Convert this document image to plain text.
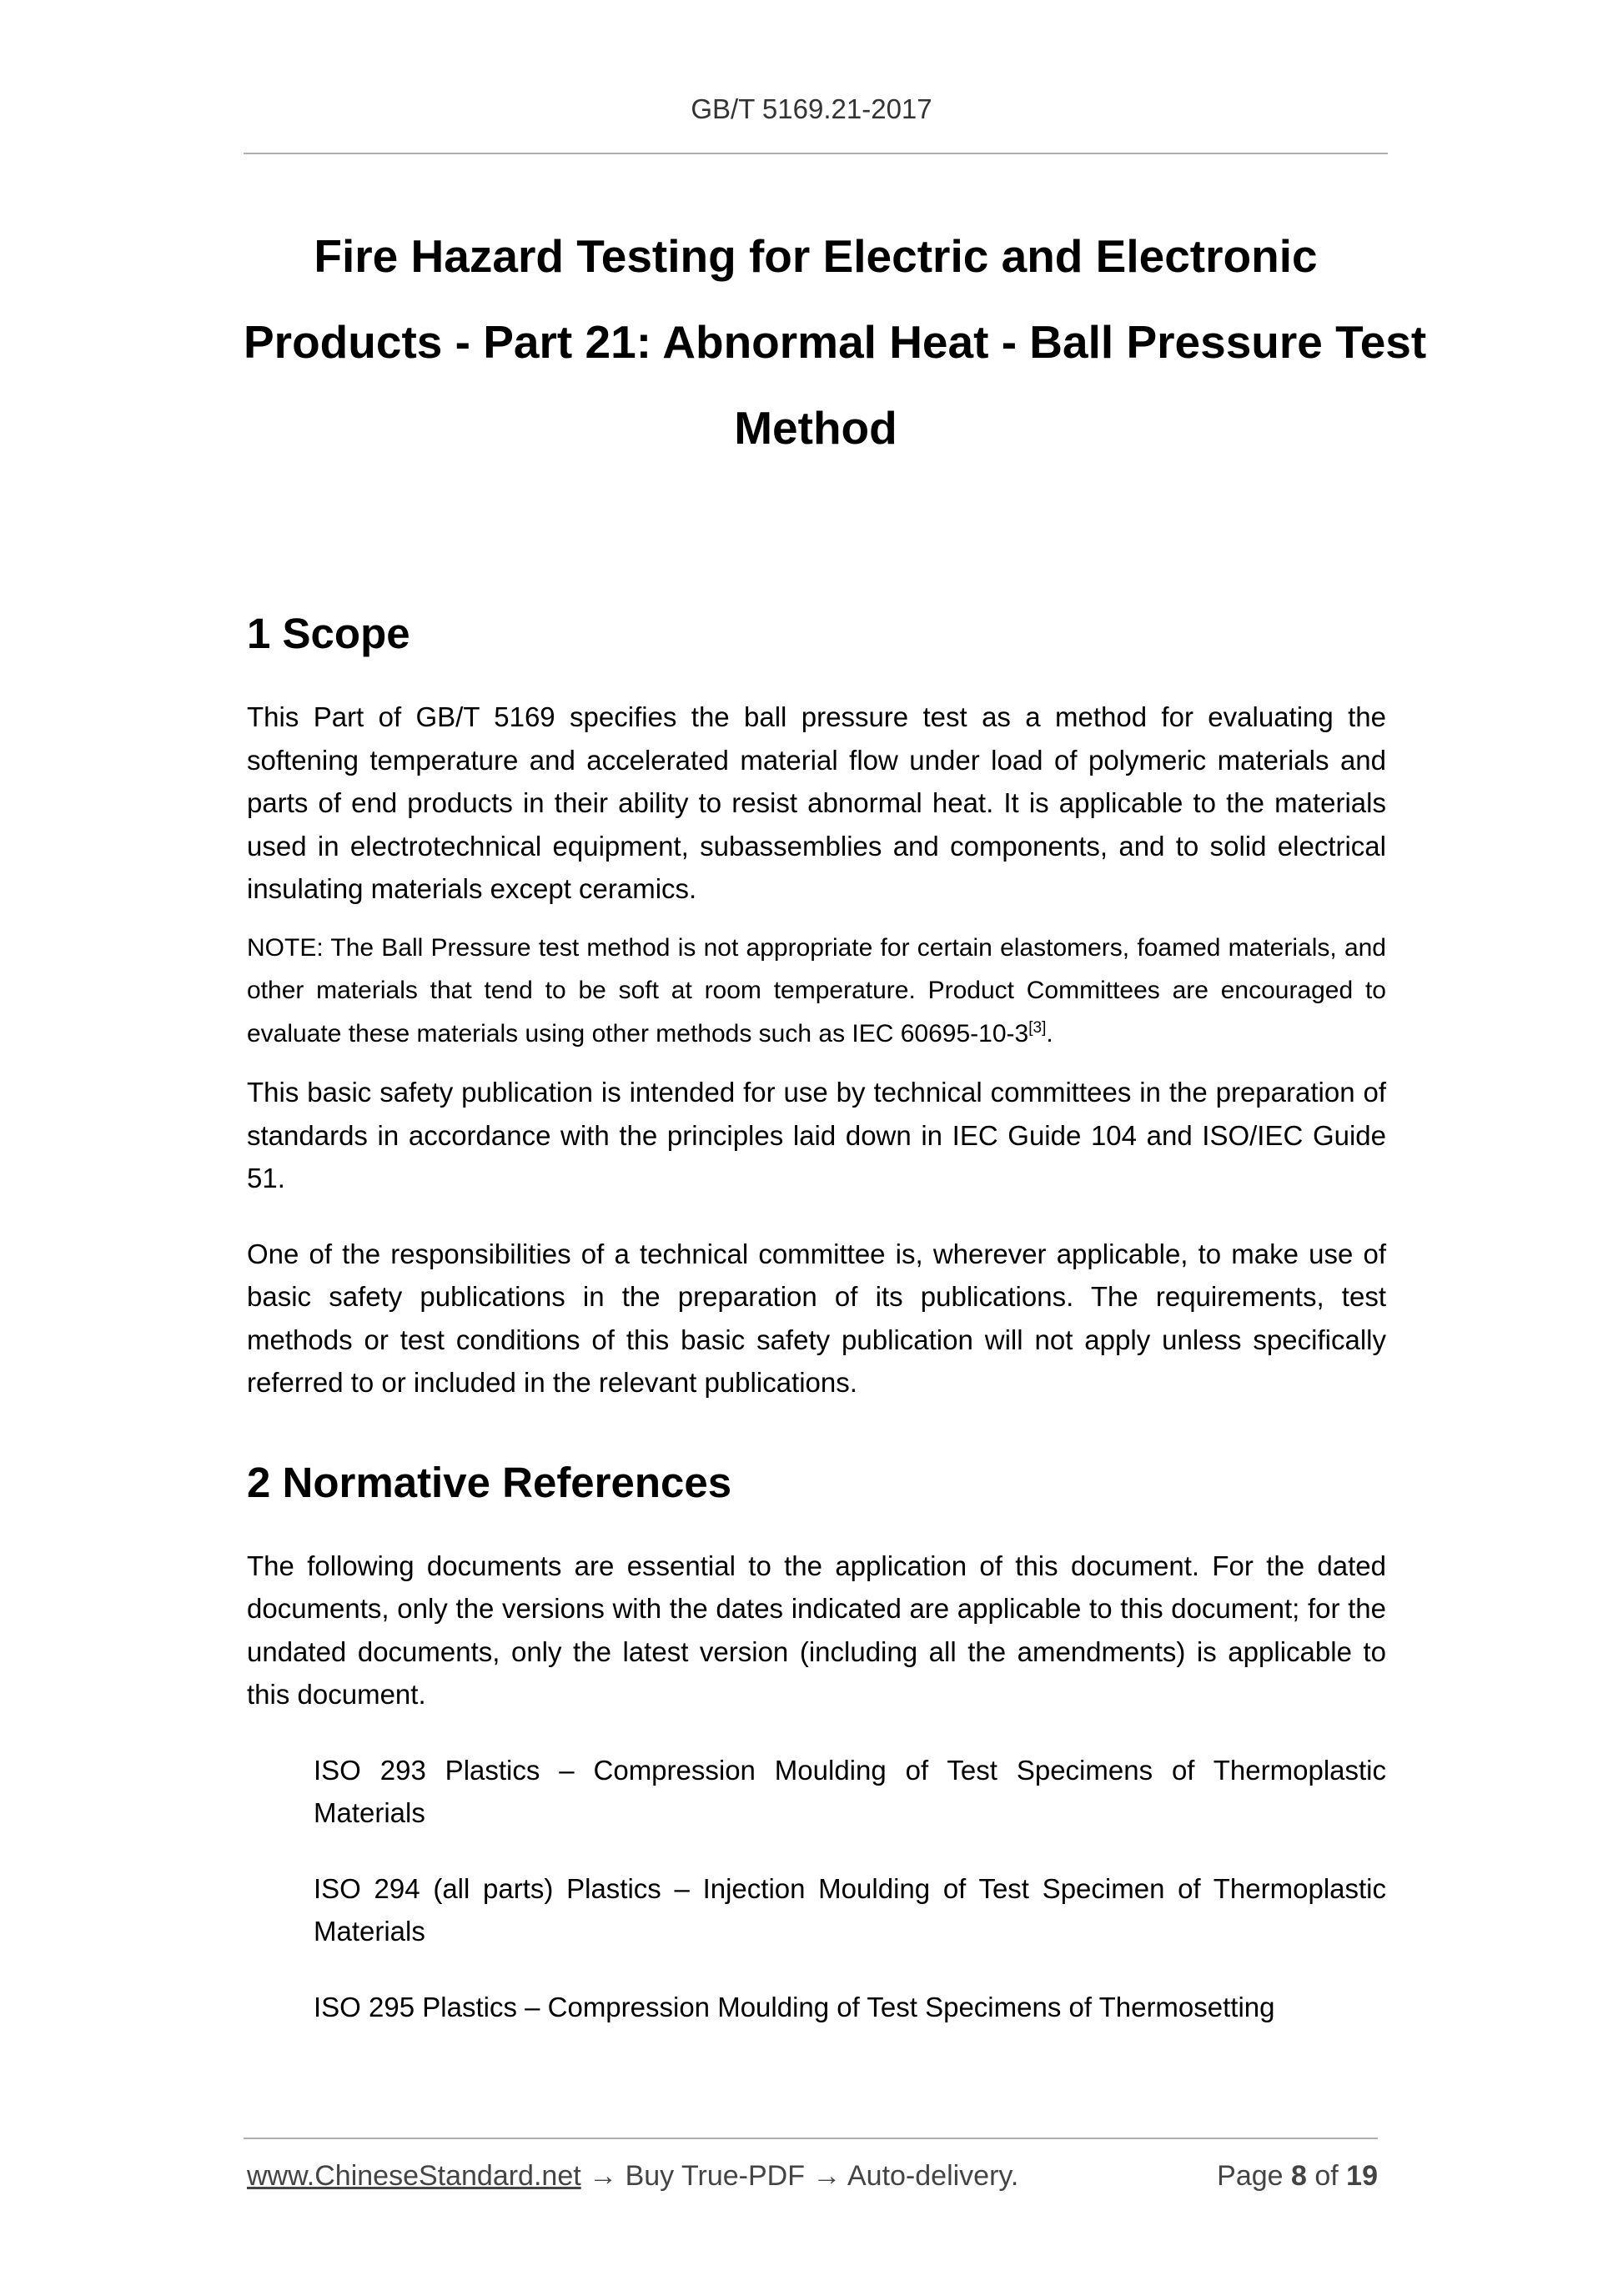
GB/T 5169.21-2017
Fire Hazard Testing for Electric and Electronic
Products - Part 21: Abnormal Heat - Ball Pressure Test
Method
1 Scope

This Part of GB/T 5169 specifies the ball pressure test as a method for evaluating the softening temperature and accelerated material flow under load of polymeric materials and parts of end products in their ability to resist abnormal heat. It is applicable to the materials used in electrotechnical equipment, subassemblies and components, and to solid electrical insulating materials except ceramics.

NOTE: The Ball Pressure test method is not appropriate for certain elastomers, foamed materials, and other materials that tend to be soft at room temperature. Product Committees are encouraged to evaluate these materials using other methods such as IEC 60695-10-3[3].

This basic safety publication is intended for use by technical committees in the preparation of standards in accordance with the principles laid down in IEC Guide 104 and ISO/IEC Guide 51.

One of the responsibilities of a technical committee is, wherever applicable, to make use of basic safety publications in the preparation of its publications. The requirements, test methods or test conditions of this basic safety publication will not apply unless specifically referred to or included in the relevant publications.

2 Normative References

The following documents are essential to the application of this document. For the dated documents, only the versions with the dates indicated are applicable to this document; for the undated documents, only the latest version (including all the amendments) is applicable to this document.

ISO 293 Plastics – Compression Moulding of Test Specimens of Thermoplastic Materials

ISO 294 (all parts) Plastics – Injection Moulding of Test Specimen of Thermoplastic Materials

ISO 295 Plastics – Compression Moulding of Test Specimens of Thermosetting

www.ChineseStandard.net → Buy True-PDF → Auto-delivery.	Page 8 of 19
